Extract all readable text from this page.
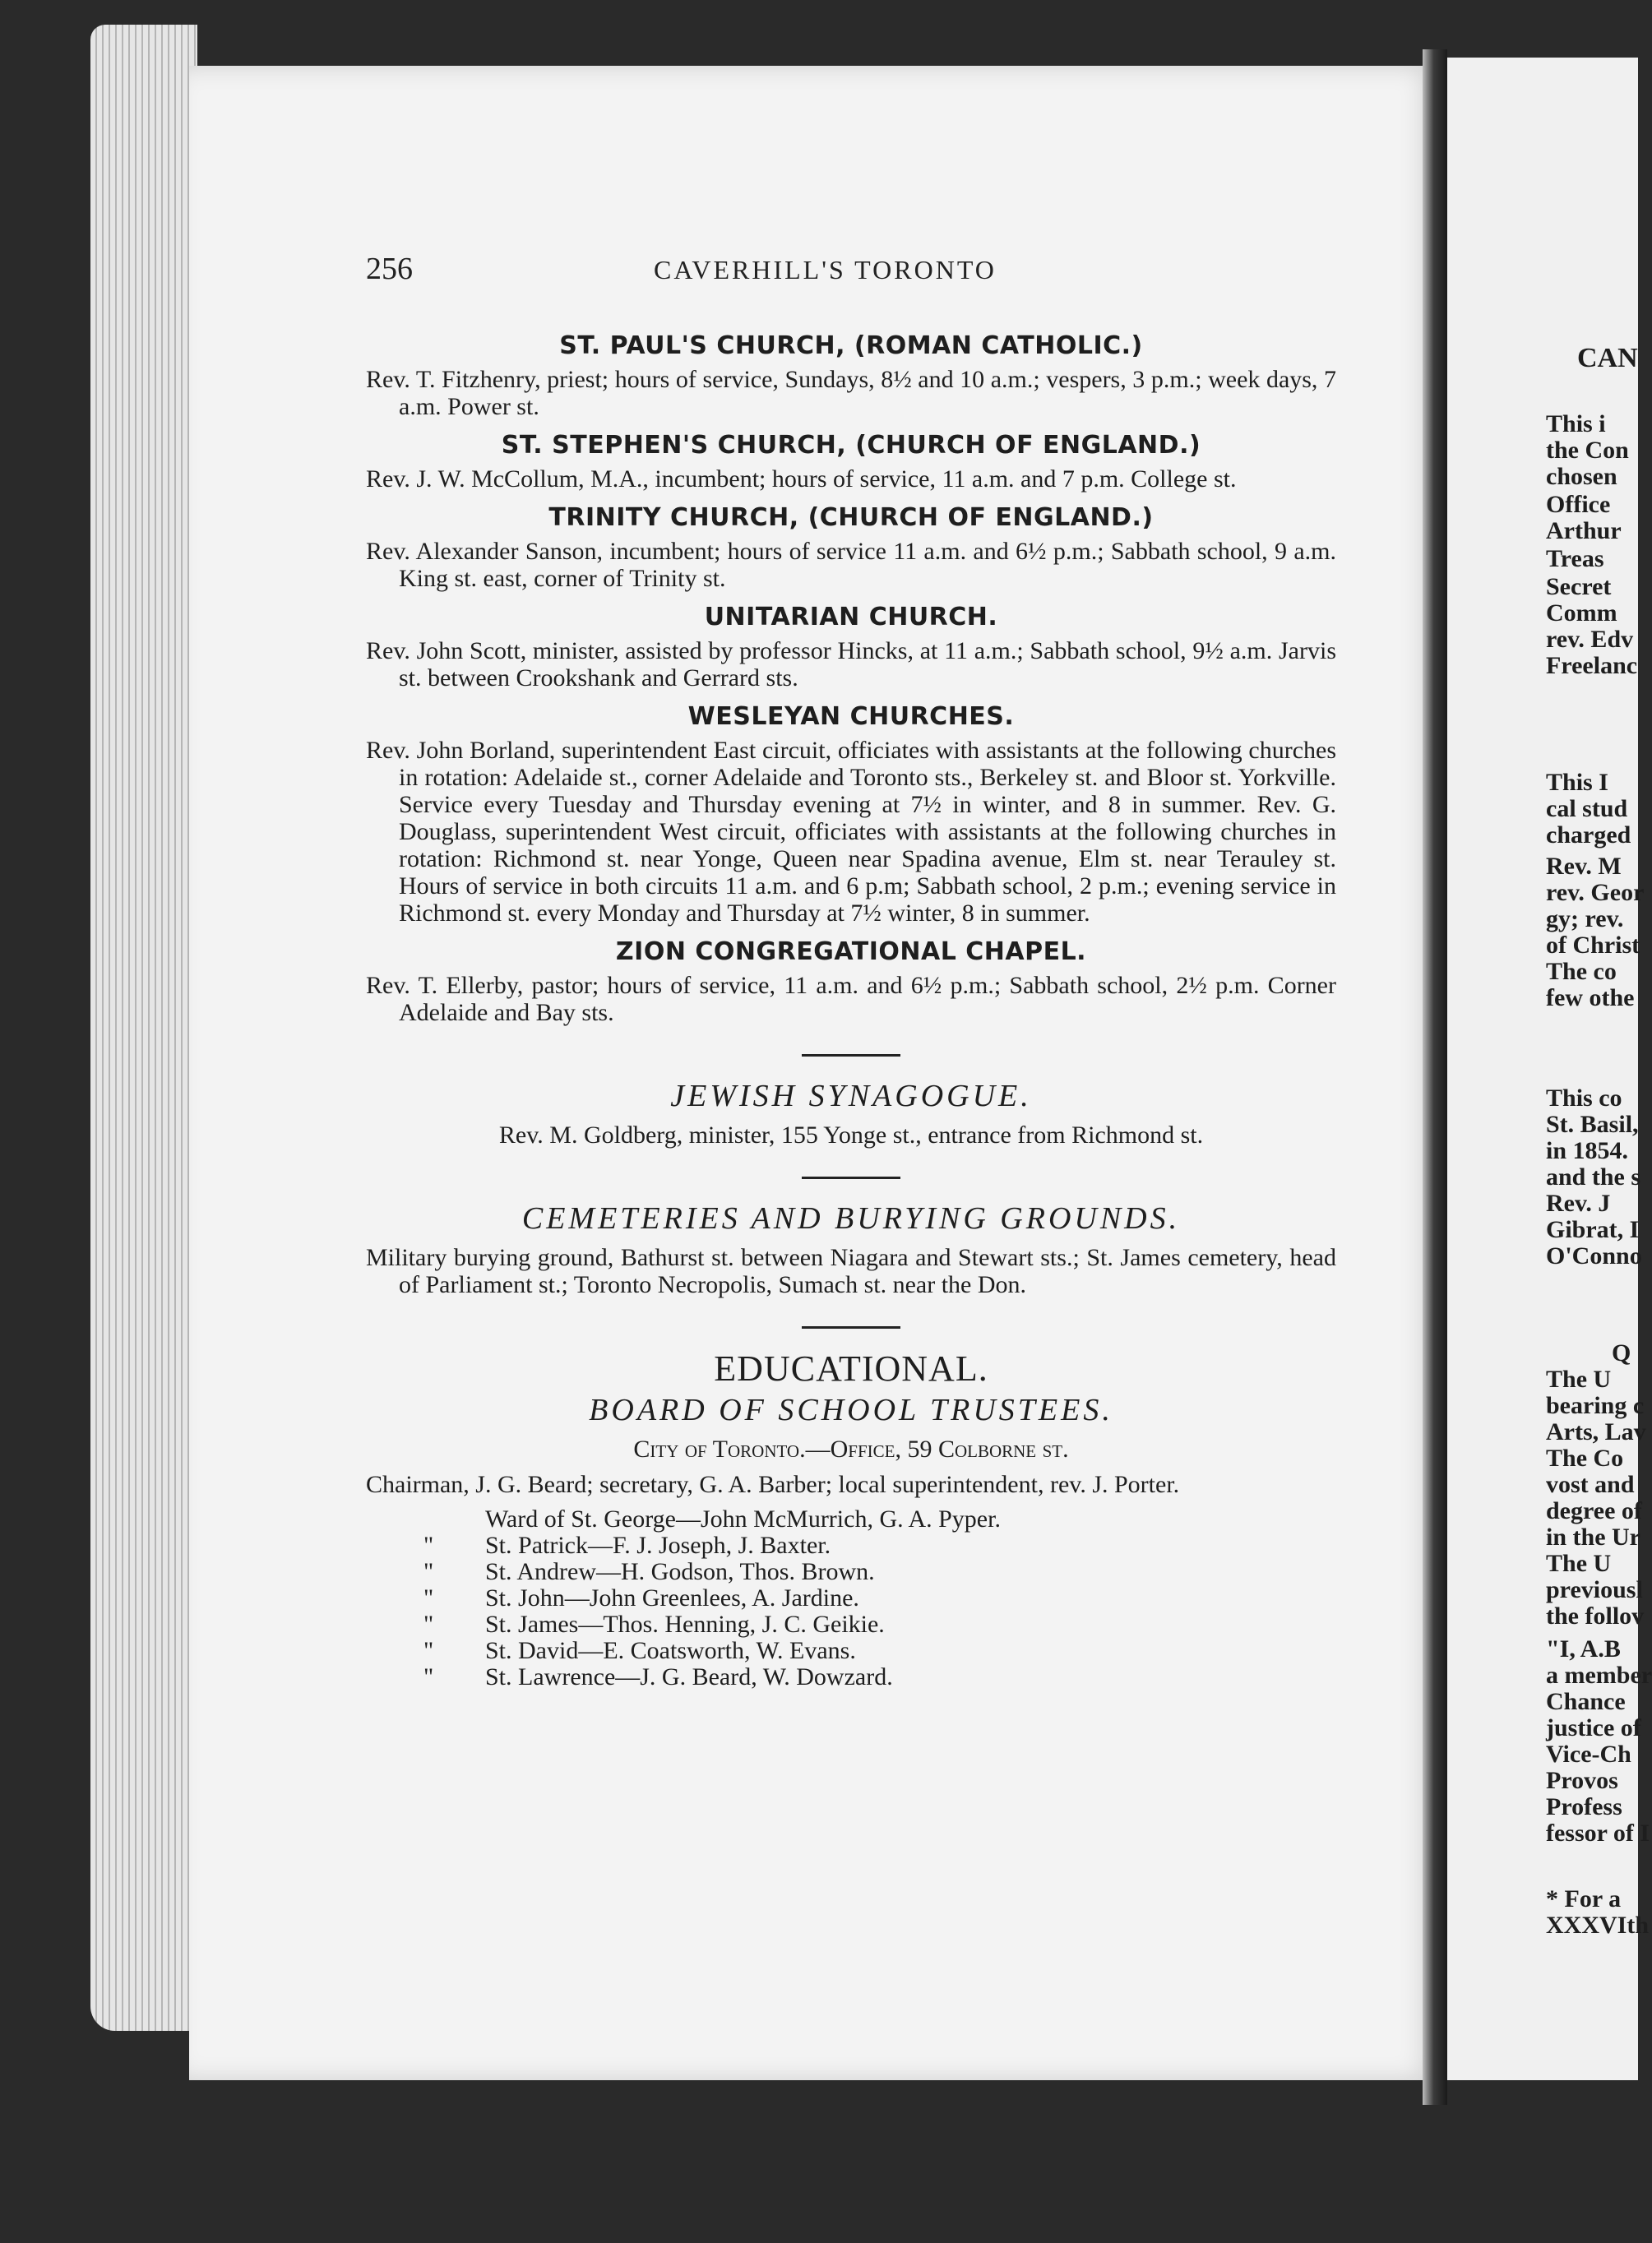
256	CAVERHILL'S TORONTO
ST. PAUL'S CHURCH, (ROMAN CATHOLIC.)
Rev. T. Fitzhenry, priest; hours of service, Sundays, 8½ and 10 a.m.; vespers, 3 p.m.; week days, 7 a.m. Power st.
ST. STEPHEN'S CHURCH, (CHURCH OF ENGLAND.)
Rev. J. W. McCollum, M.A., incumbent; hours of service, 11 a.m. and 7 p.m. College st.
TRINITY CHURCH, (CHURCH OF ENGLAND.)
Rev. Alexander Sanson, incumbent; hours of service 11 a.m. and 6½ p.m.; Sabbath school, 9 a.m. King st. east, corner of Trinity st.
UNITARIAN CHURCH.
Rev. John Scott, minister, assisted by professor Hincks, at 11 a.m.; Sabbath school, 9½ a.m. Jarvis st. between Crookshank and Gerrard sts.
WESLEYAN CHURCHES.
Rev. John Borland, superintendent East circuit, officiates with assistants at the following churches in rotation: Adelaide st., corner Adelaide and Toronto sts., Berkeley st. and Bloor st. Yorkville. Service every Tuesday and Thursday evening at 7½ in winter, and 8 in summer. Rev. G. Douglass, superintendent West circuit, officiates with assistants at the following churches in rotation: Richmond st. near Yonge, Queen near Spadina avenue, Elm st. near Terauley st. Hours of service in both circuits 11 a.m. and 6 p.m; Sabbath school, 2 p.m.; evening service in Richmond st. every Monday and Thursday at 7½ winter, 8 in summer.
ZION CONGREGATIONAL CHAPEL.
Rev. T. Ellerby, pastor; hours of service, 11 a.m. and 6½ p.m.; Sabbath school, 2½ p.m. Corner Adelaide and Bay sts.
JEWISH SYNAGOGUE.
Rev. M. Goldberg, minister, 155 Yonge st., entrance from Richmond st.
CEMETERIES AND BURYING GROUNDS.
Military burying ground, Bathurst st. between Niagara and Stewart sts.; St. James cemetery, head of Parliament st.; Toronto Necropolis, Sumach st. near the Don.
EDUCATIONAL.
BOARD OF SCHOOL TRUSTEES.
City of Toronto.—Office, 59 Colborne st.
Chairman, J. G. Beard; secretary, G. A. Barber; local superintendent, rev. J. Porter.
Ward of St. George—John McMurrich, G. A. Pyper.
"	St. Patrick—F. J. Joseph, J. Baxter.
"	St. Andrew—H. Godson, Thos. Brown.
"	St. John—John Greenlees, A. Jardine.
"	St. James—Thos. Henning, J. C. Geikie.
"	St. David—E. Coatsworth, W. Evans.
"	St. Lawrence—J. G. Beard, W. Dowzard.
CAN
This i
the Con
chosen
Office
Arthur
Treas
Secret
Comm
rev. Edv
Freelanc
This I
cal stud
charged
Rev. M
rev. Geor
gy; rev.
of Christ
The co
few othe
This co
St. Basil,
in 1854.
and the s
Rev. J
Gibrat, I
O'Conno
Q
The U
bearing c
Arts, Lav
The Co
vost and
degree of
in the Ur
The U
previousl
the follov
"I, A.B
a member
Chance
justice of
Vice-Ch
Provos
Profess
fessor of I
* For a
XXXVIth
